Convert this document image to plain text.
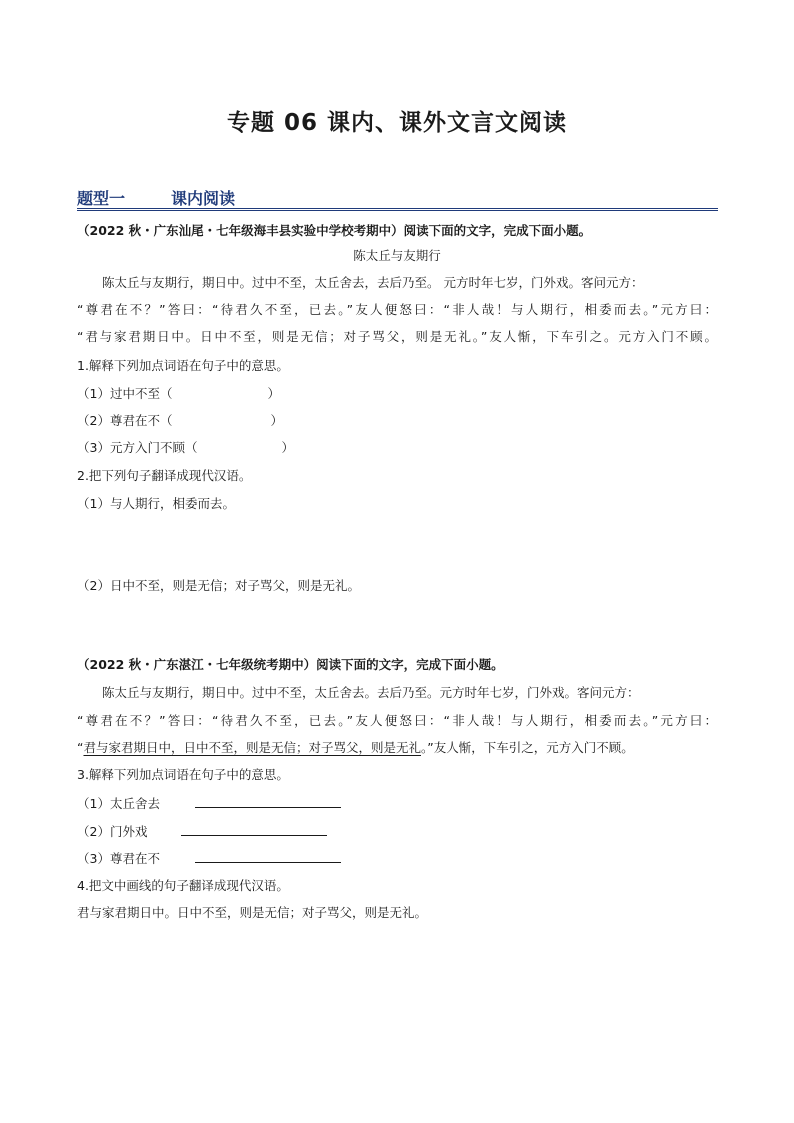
专题 06 课内、课外文言文阅读
题型一	课内阅读
（2022 秋・广东汕尾・七年级海丰县实验中学校考期中）阅读下面的文字，完成下面小题。
陈太丘与友期行
陈太丘与友期行，期日中。过中不至，太丘舍去，去后乃至。 元方时年七岁，门外戏。客问元方：
“尊君在不？”答曰：“待君久不至，已去。”友人便怒曰：“非人哉！与人期行，相委而去。”元方曰：
“君与家君期日中。日中不至，则是无信；对子骂父，则是无礼。”友人惭，下车引之。元方入门不顾。
1.解释下列加点词语在句子中的意思。
（1）过中不至（	）
（2）尊君在不（	）
（3）元方入门不顾（	）
2.把下列句子翻译成现代汉语。
（1）与人期行，相委而去。
（2）日中不至，则是无信；对子骂父，则是无礼。
（2022 秋・广东湛江・七年级统考期中）阅读下面的文字，完成下面小题。
陈太丘与友期行，期日中。过中不至，太丘舍去。去后乃至。元方时年七岁，门外戏。客问元方：
“尊君在不？”答曰：“待君久不至，已去。”友人便怒曰：“非人哉！与人期行，相委而去。”元方曰：
“君与家君期日中，日中不至，则是无信；对子骂父，则是无礼。”友人惭，下车引之，元方入门不顾。
3.解释下列加点词语在句子中的意思。
（1）太丘舍去
（2）门外戏
（3）尊君在不
4.把文中画线的句子翻译成现代汉语。
君与家君期日中。日中不至，则是无信；对子骂父，则是无礼。
